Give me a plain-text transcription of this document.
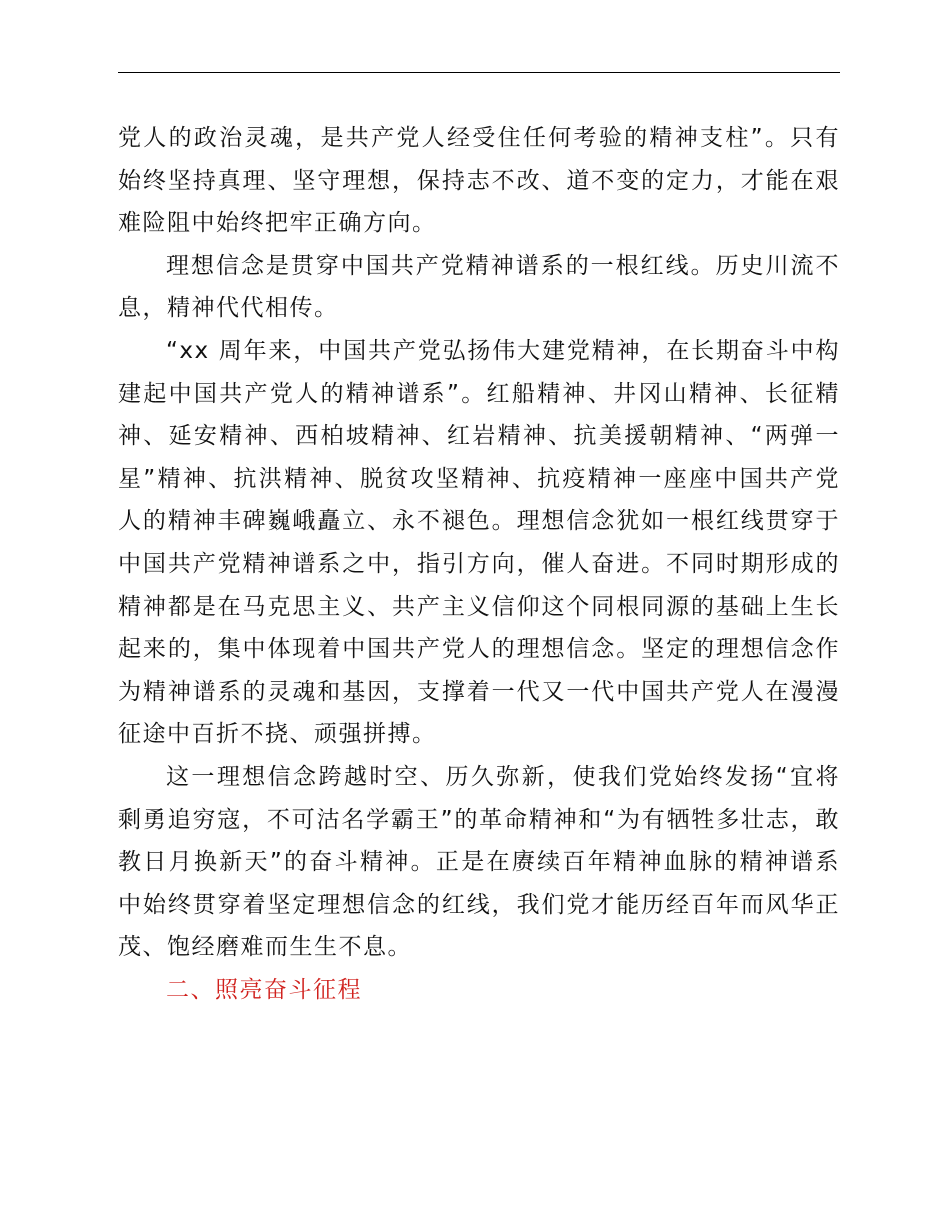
党人的政治灵魂，是共产党人经受住任何考验的精神支柱”。只有始终坚持真理、坚守理想，保持志不改、道不变的定力，才能在艰难险阻中始终把牢正确方向。

理想信念是贯穿中国共产党精神谱系的一根红线。历史川流不息，精神代代相传。

“xx 周年来，中国共产党弘扬伟大建党精神，在长期奋斗中构建起中国共产党人的精神谱系”。红船精神、井冈山精神、长征精神、延安精神、西柏坡精神、红岩精神、抗美援朝精神、“两弹一星”精神、抗洪精神、脱贫攻坚精神、抗疫精神一座座中国共产党人的精神丰碑巍峨矗立、永不褪色。理想信念犹如一根红线贯穿于中国共产党精神谱系之中，指引方向，催人奋进。不同时期形成的精神都是在马克思主义、共产主义信仰这个同根同源的基础上生长起来的，集中体现着中国共产党人的理想信念。坚定的理想信念作为精神谱系的灵魂和基因，支撑着一代又一代中国共产党人在漫漫征途中百折不挠、顽强拼搏。

这一理想信念跨越时空、历久弥新，使我们党始终发扬“宜将剩勇追穷寇，不可沽名学霸王”的革命精神和“为有牺牲多壮志，敢教日月换新天”的奋斗精神。正是在赓续百年精神血脉的精神谱系中始终贯穿着坚定理想信念的红线，我们党才能历经百年而风华正茂、饱经磨难而生生不息。

二、照亮奋斗征程
